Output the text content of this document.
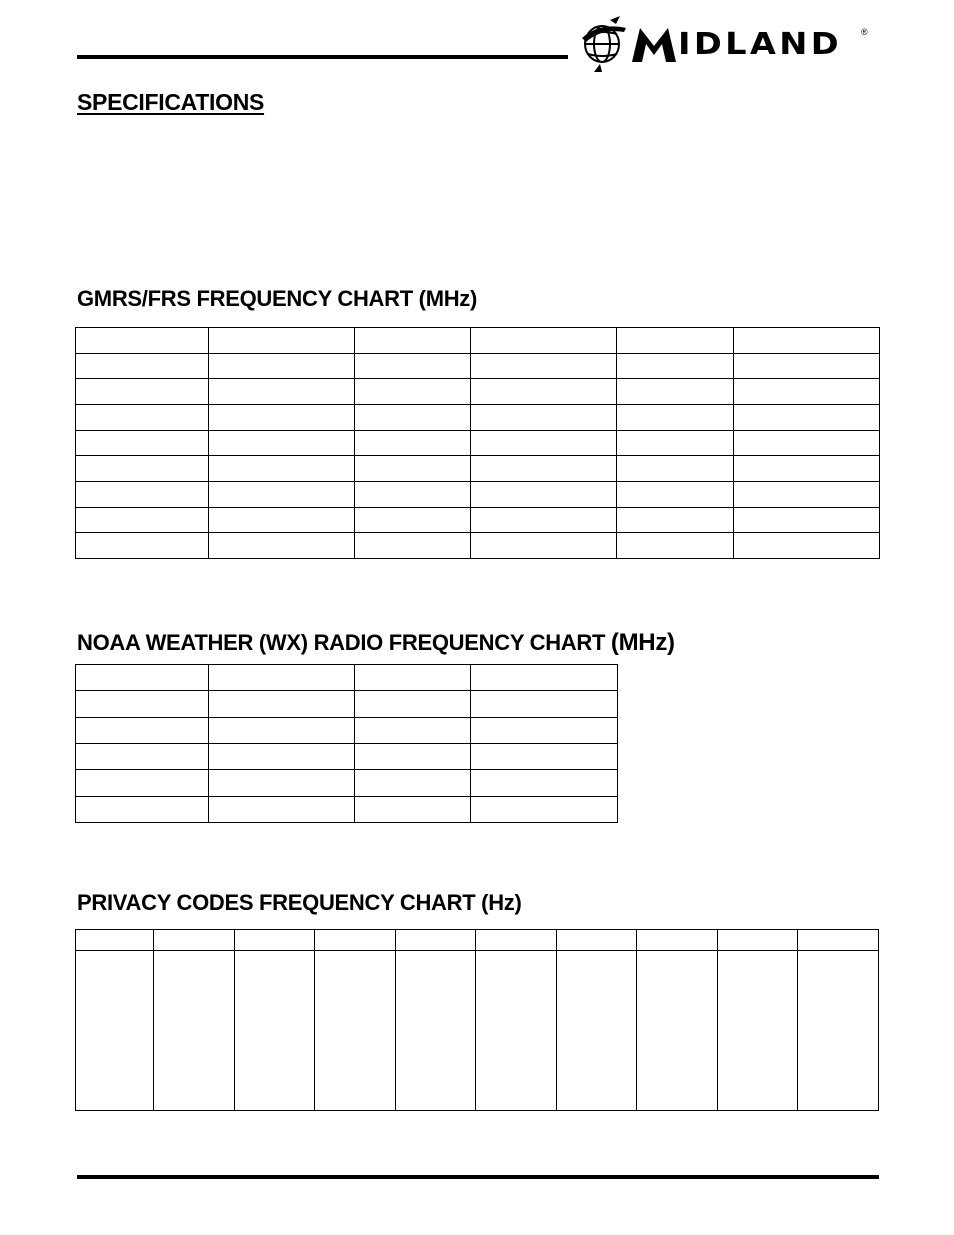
IDLAND ®
SPECIFICATIONS
GMRS/FRS FREQUENCY CHART (MHz)

NOAA WEATHER (WX) RADIO FREQUENCY CHART (MHz)

PRIVACY CODES FREQUENCY CHART (Hz)
